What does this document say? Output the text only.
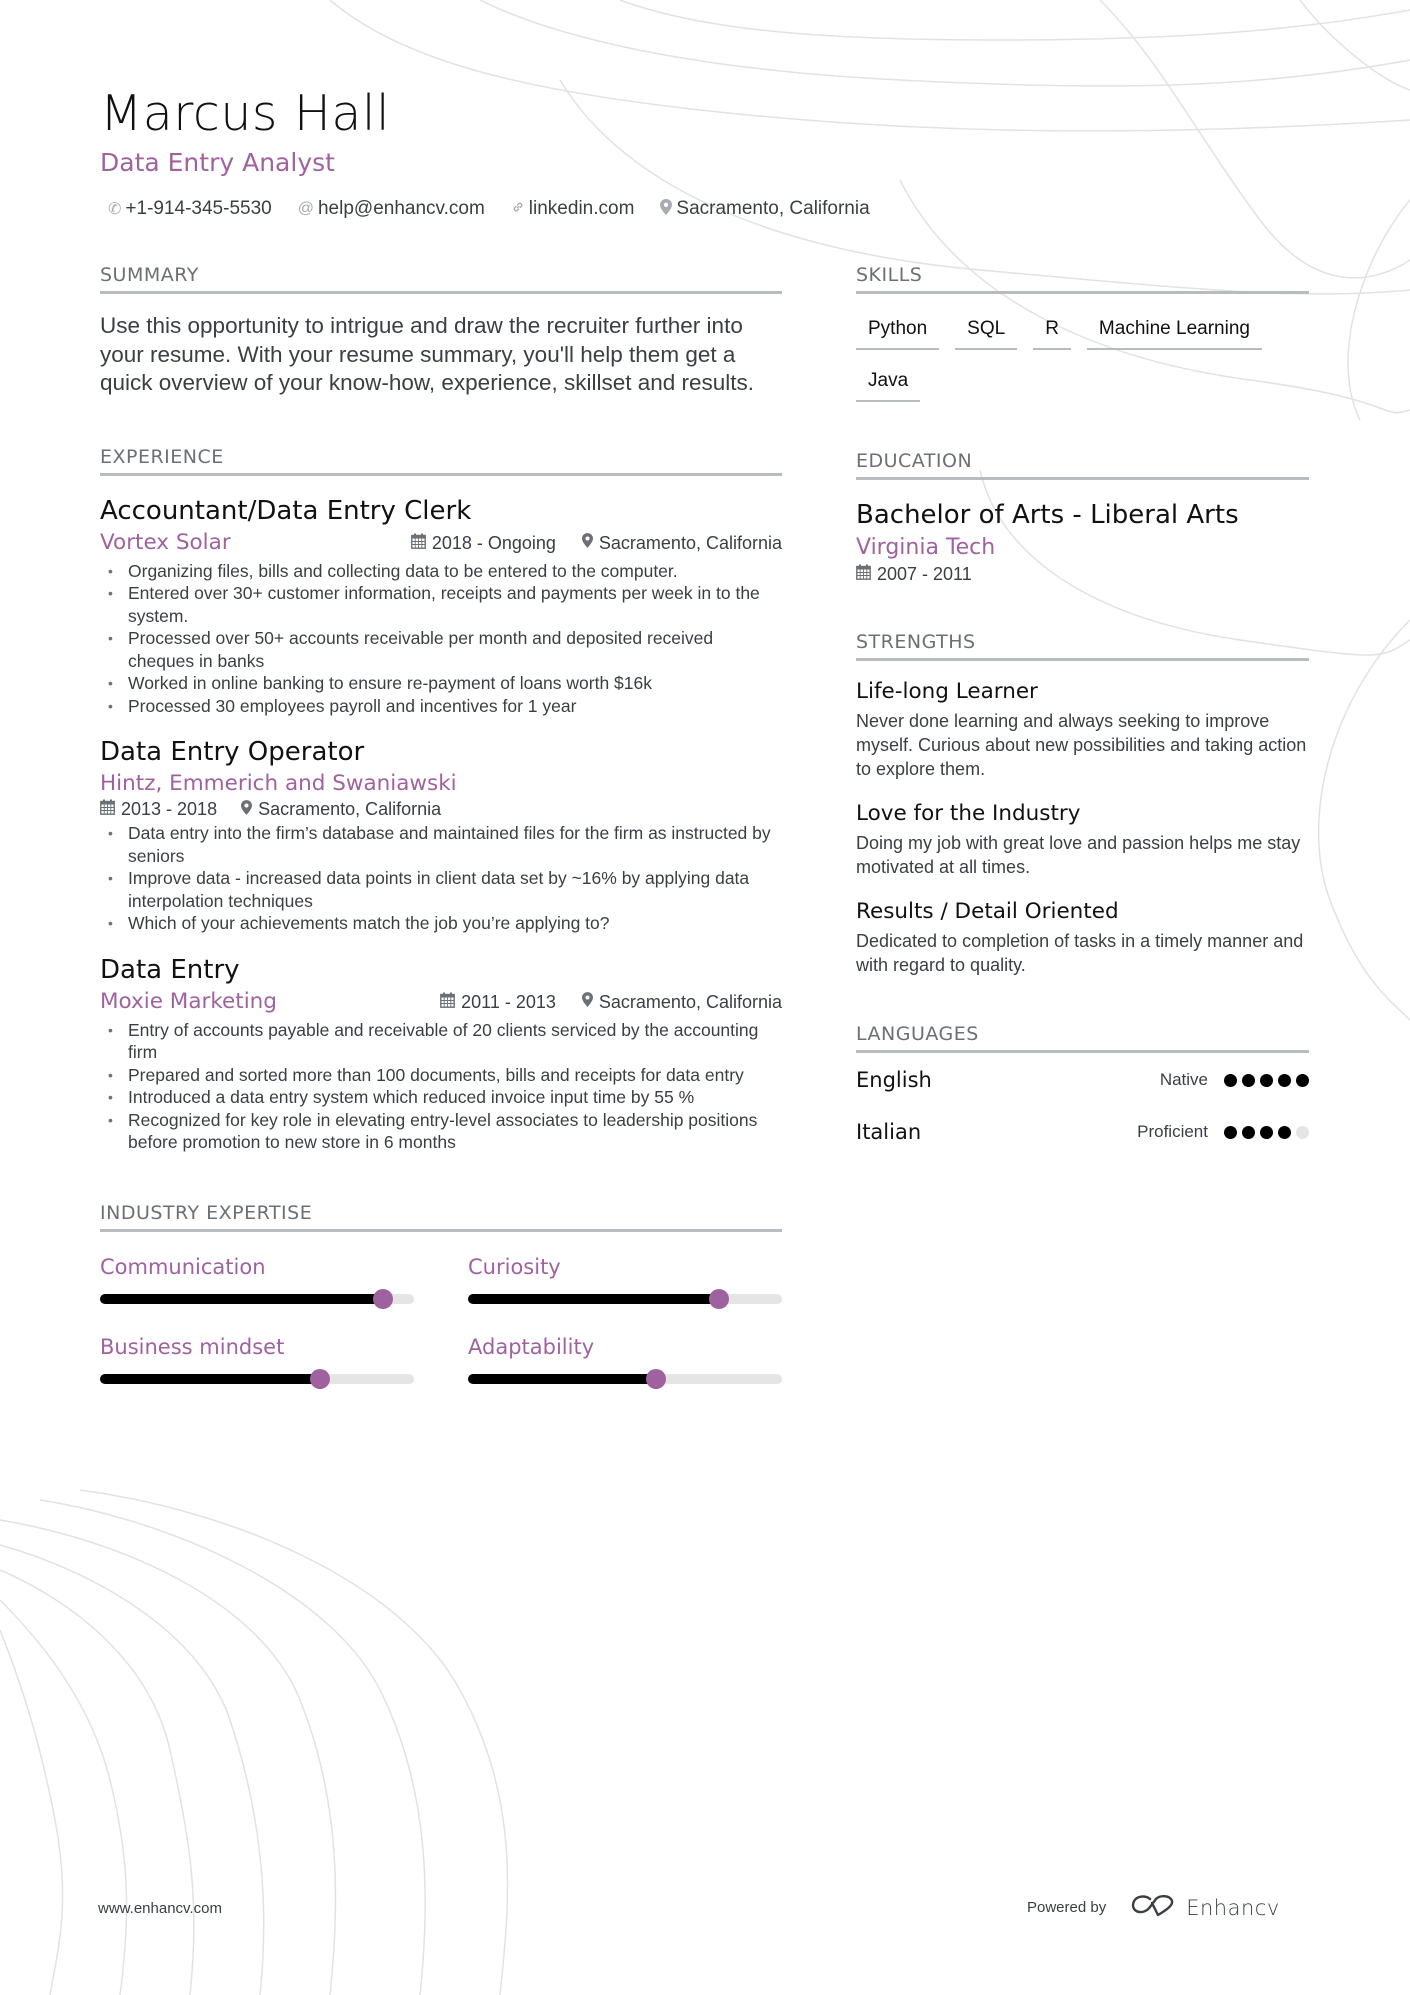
Marcus Hall
Data Entry Analyst
✆ +1-914-345-5530 @ help@enhancv.com linkedin.com Sacramento, California
SUMMARY

Use this opportunity to intrigue and draw the recruiter further into your resume. With your resume summary, you'll help them get a quick overview of your know-how, experience, skillset and results.

EXPERIENCE
Accountant/Data Entry Clerk
Vortex Solar	2018 - Ongoing Sacramento, California
• Organizing files, bills and collecting data to be entered to the computer.
• Entered over 30+ customer information, receipts and payments per week in to the system.
• Processed over 50+ accounts receivable per month and deposited received cheques in banks
• Worked in online banking to ensure re-payment of loans worth $16k
• Processed 30 employees payroll and incentives for 1 year
Data Entry Operator
Hintz, Emmerich and Swaniawski
2013 - 2018 Sacramento, California
• Data entry into the firm’s database and maintained files for the firm as instructed by seniors
• Improve data - increased data points in client data set by ~16% by applying data interpolation techniques
• Which of your achievements match the job you’re applying to?
Data Entry
Moxie Marketing	2011 - 2013 Sacramento, California
• Entry of accounts payable and receivable of 20 clients serviced by the accounting firm
• Prepared and sorted more than 100 documents, bills and receipts for data entry
• Introduced a data entry system which reduced invoice input time by 55 %
• Recognized for key role in elevating entry-level associates to leadership positions before promotion to new store in 6 months
INDUSTRY EXPERTISE
Communication	Curiosity
Business mindset	Adaptability
SKILLS
Python	SQL	R	Machine Learning
Java
EDUCATION
Bachelor of Arts - Liberal Arts
Virginia Tech
2007 - 2011
STRENGTHS
Life-long Learner
Never done learning and always seeking to improve myself. Curious about new possibilities and taking action to explore them.
Love for the Industry
Doing my job with great love and passion helps me stay motivated at all times.
Results / Detail Oriented
Dedicated to completion of tasks in a timely manner and with regard to quality.
LANGUAGES
English	Native
Italian	Proficient
www.enhancv.com	Powered by	Enhancv
